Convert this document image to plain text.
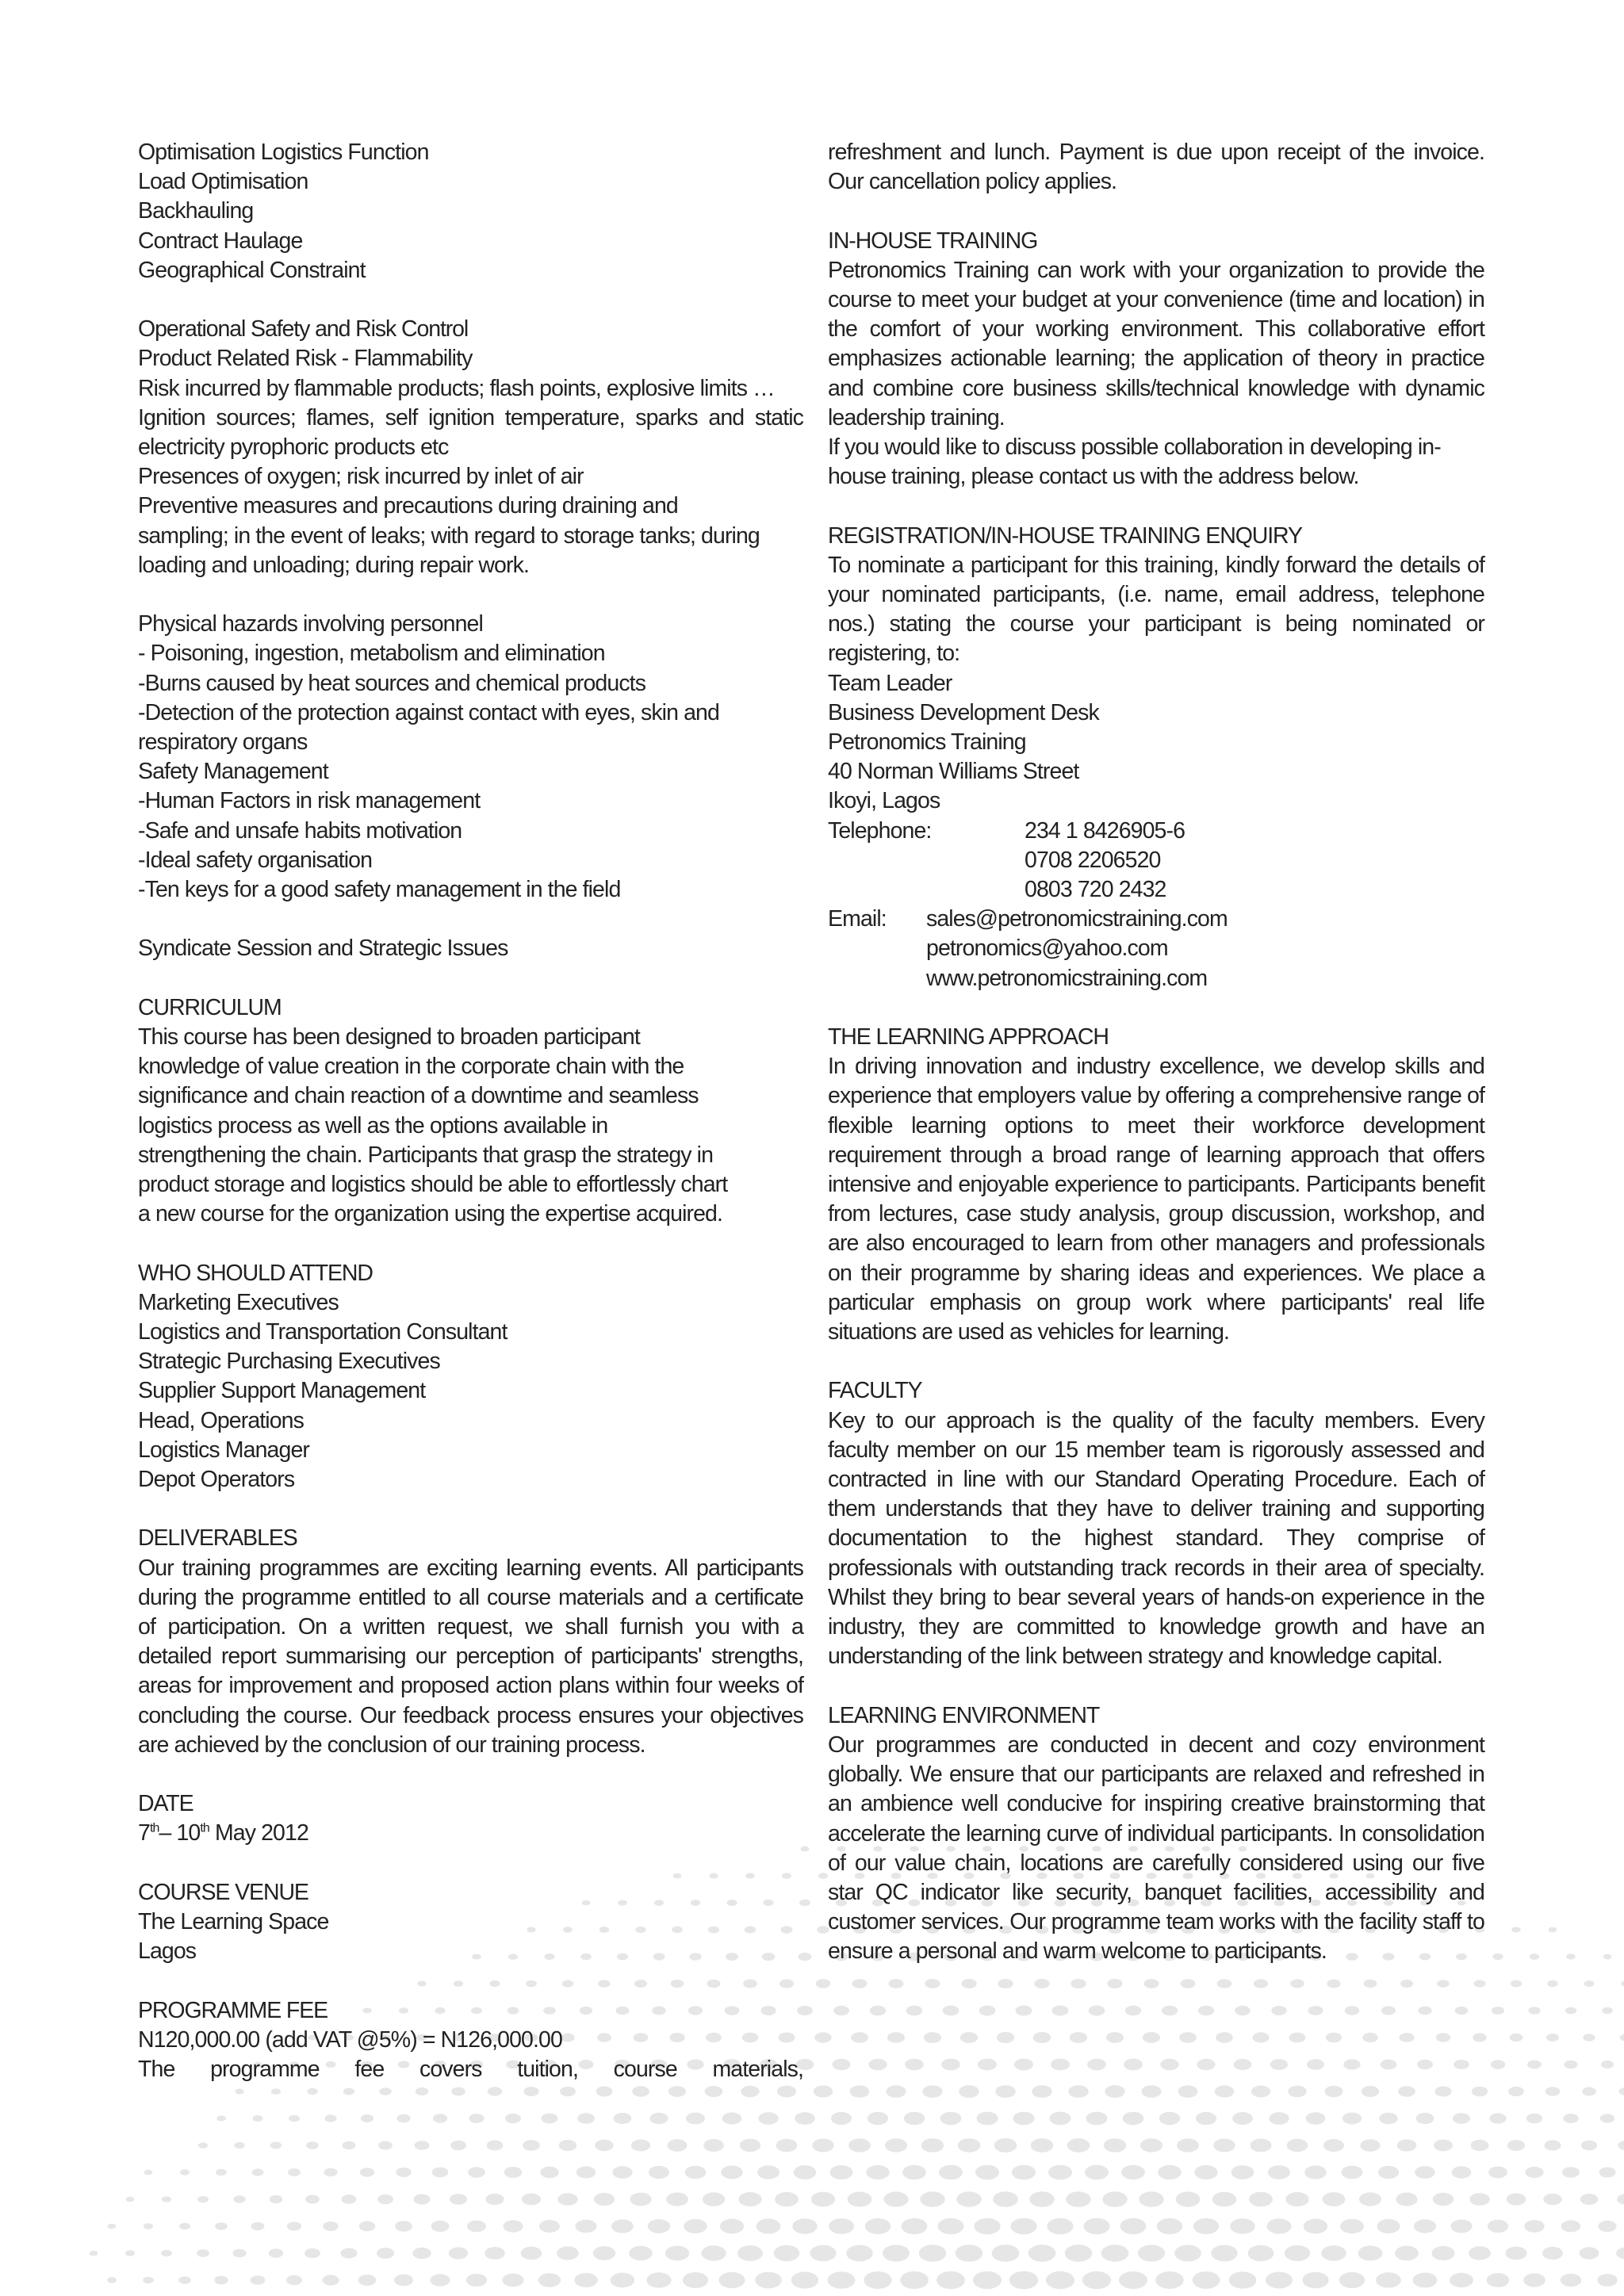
Optimisation Logistics Function
Load Optimisation
Backhauling
Contract Haulage
Geographical Constraint
Operational Safety and Risk Control
Product Related Risk - Flammability
Risk incurred by flammable products; flash points, explosive limits …
Ignition sources; flames, self ignition temperature, sparks and static electricity pyrophoric products etc
Presences of oxygen; risk incurred by inlet of air
Preventive measures and precautions during draining and sampling; in the event of leaks; with regard to storage tanks; during loading and unloading; during repair work.
Physical hazards involving personnel
- Poisoning, ingestion, metabolism and elimination
-Burns caused by heat sources and chemical products
-Detection of the protection against contact with eyes, skin and respiratory organs
Safety Management
-Human Factors in risk management
-Safe and unsafe habits motivation
-Ideal safety organisation
-Ten keys for a good safety management in the field
Syndicate Session and Strategic Issues
CURRICULUM
This course has been designed to broaden participant
knowledge of value creation in the corporate chain with the
significance and chain reaction of a downtime and seamless
logistics process as well as the options available in
strengthening the chain. Participants that grasp the strategy in
product storage and logistics should be able to effortlessly chart
a new course for the organization using the expertise acquired.
WHO SHOULD ATTEND
Marketing Executives
Logistics and Transportation Consultant
Strategic Purchasing Executives
Supplier Support Management
Head, Operations
Logistics Manager
Depot Operators
DELIVERABLES
Our training programmes are exciting learning events. All participants during the programme entitled to all course materials and a certificate of participation. On a written request, we shall furnish you with a detailed report summarising our perception of participants' strengths, areas for improvement and proposed action plans within four weeks of concluding the course. Our feedback process ensures your objectives are achieved by the conclusion of our training process.
DATE
7th– 10th May 2012
COURSE VENUE
The Learning Space
Lagos
PROGRAMME FEE
N120,000.00 (add VAT @5%) = N126,000.00
The programme fee covers tuition, course materials,
refreshment and lunch. Payment is due upon receipt of the invoice. Our cancellation policy applies.
IN-HOUSE TRAINING
Petronomics Training can work with your organization to provide the course to meet your budget at your convenience (time and location) in the comfort of your working environment. This collaborative effort emphasizes actionable learning; the application of theory in practice and combine core business skills/technical knowledge with dynamic leadership training.
If you would like to discuss possible collaboration in developing in-house training, please contact us with the address below.
REGISTRATION/IN-HOUSE TRAINING ENQUIRY
To nominate a participant for this training, kindly forward the details of your nominated participants, (i.e. name, email address, telephone nos.) stating the course your participant is being nominated or registering, to:
Team Leader
Business Development Desk
Petronomics Training
40 Norman Williams Street
Ikoyi, Lagos
Telephone:	234 1 8426905-6
0708 2206520
0803 720 2432
Email:	sales@petronomicstraining.com
petronomics@yahoo.com
www.petronomicstraining.com
THE LEARNING APPROACH
In driving innovation and industry excellence, we develop skills and experience that employers value by offering a comprehensive range of flexible learning options to meet their workforce development requirement through a broad range of learning approach that offers intensive and enjoyable experience to participants. Participants benefit from lectures, case study analysis, group discussion, workshop, and are also encouraged to learn from other managers and professionals on their programme by sharing ideas and experiences. We place a particular emphasis on group work where participants' real life situations are used as vehicles for learning.
FACULTY
Key to our approach is the quality of the faculty members. Every faculty member on our 15 member team is rigorously assessed and contracted in line with our Standard Operating Procedure. Each of them understands that they have to deliver training and supporting documentation to the highest standard. They comprise of professionals with outstanding track records in their area of specialty. Whilst they bring to bear several years of hands-on experience in the industry, they are committed to knowledge growth and have an understanding of the link between strategy and knowledge capital.
LEARNING ENVIRONMENT
Our programmes are conducted in decent and cozy environment globally. We ensure that our participants are relaxed and refreshed in an ambience well conducive for inspiring creative brainstorming that accelerate the learning curve of individual participants. In consolidation of our value chain, locations are carefully considered using our five star QC indicator like security, banquet facilities, accessibility and customer services. Our programme team works with the facility staff to ensure a personal and warm welcome to participants.
